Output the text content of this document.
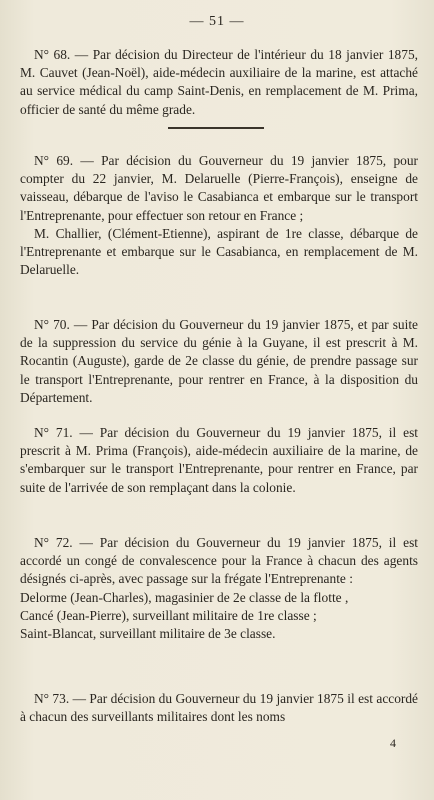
— 51 —

N° 68. — Par décision du Directeur de l'intérieur du 18 janvier 1875, M. Cauvet (Jean-Noël), aide-médecin auxiliaire de la marine, est attaché au service médical du camp Saint-Denis, en remplacement de M. Prima, officier de santé du même grade.

N° 69. — Par décision du Gouverneur du 19 janvier 1875, pour compter du 22 janvier, M. Delaruelle (Pierre-François), enseigne de vaisseau, débarque de l'aviso le Casabianca et embarque sur le transport l'Entreprenante, pour effectuer son retour en France ;

M. Challier, (Clément-Etienne), aspirant de 1re classe, débarque de l'Entreprenante et embarque sur le Casabianca, en remplacement de M. Delaruelle.

N° 70. — Par décision du Gouverneur du 19 janvier 1875, et par suite de la suppression du service du génie à la Guyane, il est prescrit à M. Rocantin (Auguste), garde de 2e classe du génie, de prendre passage sur le transport l'Entreprenante, pour rentrer en France, à la disposition du Département.

N° 71. — Par décision du Gouverneur du 19 janvier 1875, il est prescrit à M. Prima (François), aide-médecin auxiliaire de la marine, de s'embarquer sur le transport l'Entreprenante, pour rentrer en France, par suite de l'arrivée de son remplaçant dans la colonie.

N° 72. — Par décision du Gouverneur du 19 janvier 1875, il est accordé un congé de convalescence pour la France à chacun des agents désignés ci-après, avec passage sur la frégate l'Entreprenante :

Delorme (Jean-Charles), magasinier de 2e classe de la flotte ,

Cancé (Jean-Pierre), surveillant militaire de 1re classe ;

Saint-Blancat, surveillant militaire de 3e classe.

N° 73. — Par décision du Gouverneur du 19 janvier 1875 il est accordé à chacun des surveillants militaires dont les noms

4
